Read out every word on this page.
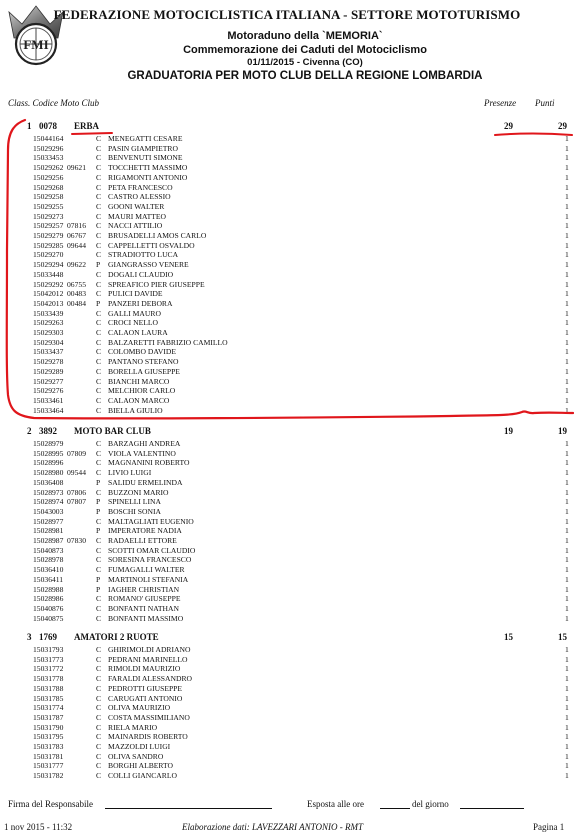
FMI
FEDERAZIONE MOTOCICLISTICA ITALIANA - SETTORE MOTOTURISMO
Motoraduno della `MEMORIA`
Commemorazione dei Caduti del Motociclismo
01/11/2015 - Civenna (CO)
GRADUATORIA PER MOTO CLUB DELLA REGIONE LOMBARDIA
Class. Codice Moto Club	Presenze Punti
1 0078 ERBA	29	29
15044164	C MENEGATTI CESARE	1
15029296	C PASIN GIAMPIETRO	1
15033453	C BENVENUTI SIMONE	1
15029262 09621 C TOCCHETTI MASSIMO	1
15029256	C RIGAMONTI ANTONIO	1
15029268	C PETA FRANCESCO	1
15029258	C CASTRO ALESSIO	1
15029255	C GOONI WALTER	1
15029273	C MAURI MATTEO	1
15029257 07816 C NACCI ATTILIO	1
15029279 06767 C BRUSADELLI AMOS CARLO	1
15029285 09644 C CAPPELLETTI OSVALDO	1
15029270	C STRADIOTTO LUCA	1
15029294 09622 P GIANGRASSO VENERE	1
15033448	C DOGALI CLAUDIO	1
15029292 06755 C SPREAFICO PIER GIUSEPPE	1
15042012 00483 C PULICI DAVIDE	1
15042013 00484 P PANZERI DEBORA	1
15033439	C GALLI MAURO	1
15029263	C CROCI NELLO	1
15029303	C CALAON LAURA	1
15029304	C BALZARETTI FABRIZIO CAMILLO	1
15033437	C COLOMBO DAVIDE	1
15029278	C PANTANO STEFANO	1
15029289	C BORELLA GIUSEPPE	1
15029277	C BIANCHI MARCO	1
15029276	C MELCHIOR CARLO	1
15033461	C CALAON MARCO	1
15033464	C BIELLA GIULIO	1
2 3892 MOTO BAR CLUB	19	19
15028979	C BARZAGHI ANDREA	1
15028995 07809 C VIOLA VALENTINO	1
15028996	C MAGNANINI ROBERTO	1
15028980 09544 C LIVIO LUIGI	1
15036408	P SALIDU ERMELINDA	1
15028973 07806 C BUZZONI MARIO	1
15028974 07807 P SPINELLI LINA	1
15043003	P BOSCHI SONIA	1
15028977	C MALTAGLIATI EUGENIO	1
15028981	P IMPERATORE NADIA	1
15028987 07830 C RADAELLI ETTORE	1
15040873	C SCOTTI OMAR CLAUDIO	1
15028978	C SORESINA FRANCESCO	1
15036410	C FUMAGALLI WALTER	1
15036411	P MARTINOLI STEFANIA	1
15028988	P IAGHER CHRISTIAN	1
15028986	C ROMANO' GIUSEPPE	1
15040876	C BONFANTI NATHAN	1
15040875	C BONFANTI MASSIMO	1
3 1769 AMATORI 2 RUOTE	15	15
15031793	C GHIRIMOLDI ADRIANO	1
15031773	C PEDRANI MARINELLO	1
15031772	C RIMOLDI MAURIZIO	1
15031778	C FARALDI ALESSANDRO	1
15031788	C PEDROTTI GIUSEPPE	1
15031785	C CARUGATI ANTONIO	1
15031774	C OLIVA MAURIZIO	1
15031787	C COSTA MASSIMILIANO	1
15031790	C RIELA MARIO	1
15031795	C MAINARDIS ROBERTO	1
15031783	C MAZZOLDI LUIGI	1
15031781	C OLIVA SANDRO	1
15031777	C BORGHI ALBERTO	1
15031782	C COLLI GIANCARLO	1
Firma del Responsabile	Esposta alle ore	del giorno
1 nov 2015 - 11:32	Elaborazione dati: LAVEZZARI ANTONIO - RMT	Pagina 1
